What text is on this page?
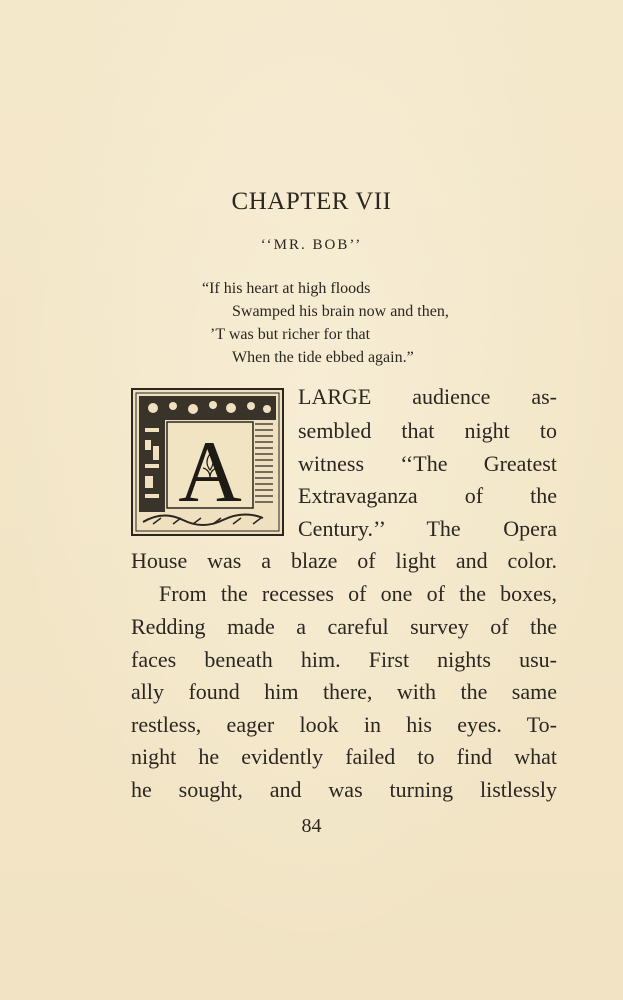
CHAPTER VII
‘‘MR. BOB’’
“If his heart at high floods
Swamped his brain now and then,
’T was but richer for that
When the tide ebbed again.”
A
LARGE audience as-
sembled that night to
witness ‘‘The Greatest
Extravaganza of the
Century.’’ The Opera
House was a blaze of light and color.
From the recesses of one of the boxes,
Redding made a careful survey of the
faces beneath him. First nights usu-
ally found him there, with the same
restless, eager look in his eyes. To-
night he evidently failed to find what
he sought, and was turning listlessly
84
